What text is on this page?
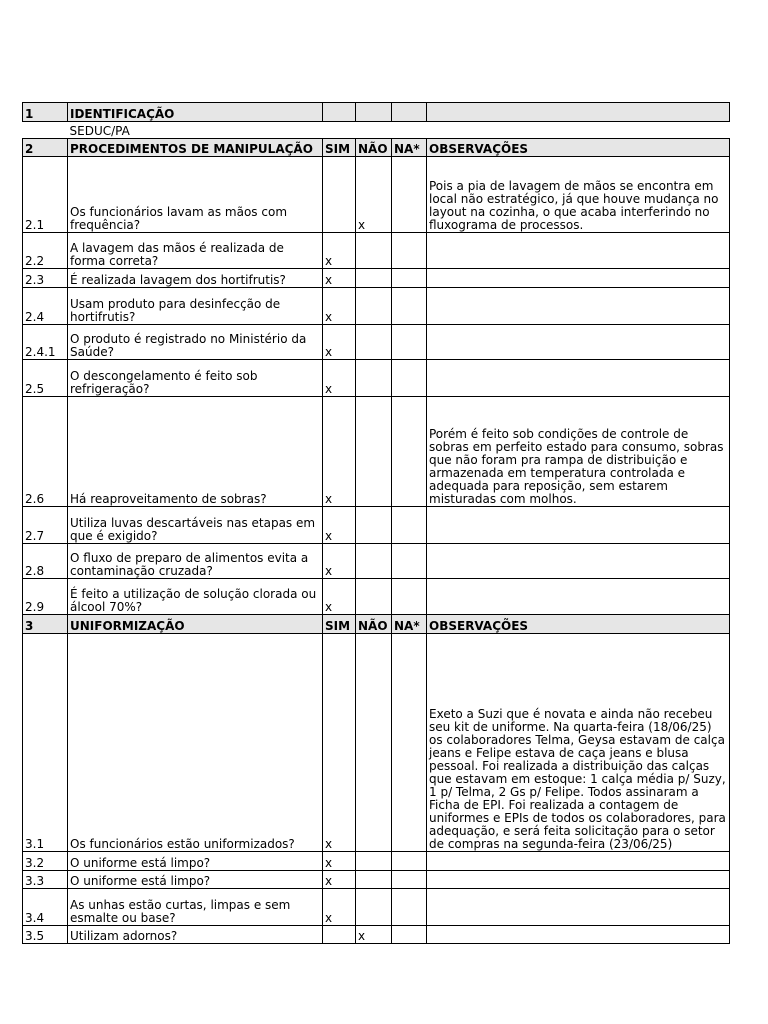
1	IDENTIFICAÇÃO				
	SEDUC/PA				
2	PROCEDIMENTOS DE MANIPULAÇÃO	SIM	NÃO	NA*	OBSERVAÇÕES
2.1	Os funcionários lavam as mãos com frequência?		x		Pois a pia de lavagem de mãos se encontra em local não estratégico, já que houve mudança no layout na cozinha, o que acaba interferindo no fluxograma de processos.
2.2	A lavagem das mãos é realizada de forma correta?	x			
2.3	É realizada lavagem dos hortifrutis?	x			
2.4	Usam produto para desinfecção de hortifrutis?	x			
2.4.1	O produto é registrado no Ministério da Saúde?	x			
2.5	O descongelamento é feito sob refrigeração?	x			
2.6	Há reaproveitamento de sobras?	x			Porém é feito sob condições de controle de sobras em perfeito estado para consumo, sobras que não foram pra rampa de distribuição e armazenada em temperatura controlada e adequada para reposição, sem estarem misturadas com molhos.
2.7	Utiliza luvas descartáveis nas etapas em que é exigido?	x			
2.8	O fluxo de preparo de alimentos evita a contaminação cruzada?	x			
2.9	É feito a utilização de solução clorada ou álcool 70%?	x			
3	UNIFORMIZAÇÃO	SIM	NÃO	NA*	OBSERVAÇÕES
3.1	Os funcionários estão uniformizados?	x			Exeto a Suzi que é novata e ainda não recebeu seu kit de uniforme. Na quarta-feira (18/06/25) os colaboradores Telma, Geysa estavam de calça jeans e Felipe estava de caça jeans e blusa pessoal. Foi realizada a distribuição das calças que estavam em estoque: 1 calça média p/ Suzy, 1 p/ Telma, 2 Gs p/ Felipe. Todos assinaram a Ficha de EPI. Foi realizada a contagem de uniformes e EPIs de todos os colaboradores, para adequação, e será feita solicitação para o setor de compras na segunda-feira (23/06/25)
3.2	O uniforme está limpo?	x			
3.3	O uniforme está limpo?	x			
3.4	As unhas estão curtas, limpas e sem esmalte ou base?	x			
3.5	Utilizam adornos?		x		
